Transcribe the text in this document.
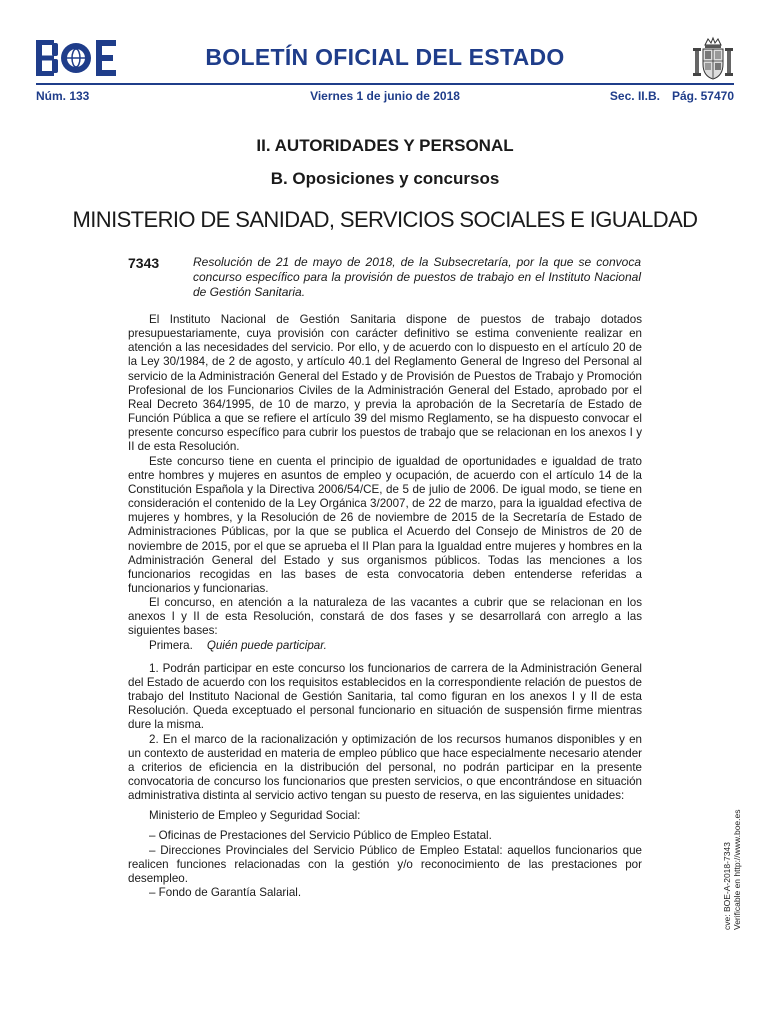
BOLETÍN OFICIAL DEL ESTADO
Núm. 133	Viernes 1 de junio de 2018	Sec. II.B. Pág. 57470
II. AUTORIDADES Y PERSONAL
B. Oposiciones y concursos
MINISTERIO DE SANIDAD, SERVICIOS SOCIALES E IGUALDAD
7343	Resolución de 21 de mayo de 2018, de la Subsecretaría, por la que se convoca concurso específico para la provisión de puestos de trabajo en el Instituto Nacional de Gestión Sanitaria.

El Instituto Nacional de Gestión Sanitaria dispone de puestos de trabajo dotados presupuestariamente, cuya provisión con carácter definitivo se estima conveniente realizar en atención a las necesidades del servicio. Por ello, y de acuerdo con lo dispuesto en el artículo 20 de la Ley 30/1984, de 2 de agosto, y artículo 40.1 del Reglamento General de Ingreso del Personal al servicio de la Administración General del Estado y de Provisión de Puestos de Trabajo y Promoción Profesional de los Funcionarios Civiles de la Administración General del Estado, aprobado por el Real Decreto 364/1995, de 10 de marzo, y previa la aprobación de la Secretaría de Estado de Función Pública a que se refiere el artículo 39 del mismo Reglamento, se ha dispuesto convocar el presente concurso específico para cubrir los puestos de trabajo que se relacionan en los anexos I y II de esta Resolución.

Este concurso tiene en cuenta el principio de igualdad de oportunidades e igualdad de trato entre hombres y mujeres en asuntos de empleo y ocupación, de acuerdo con el artículo 14 de la Constitución Española y la Directiva 2006/54/CE, de 5 de julio de 2006. De igual modo, se tiene en consideración el contenido de la Ley Orgánica 3/2007, de 22 de marzo, para la igualdad efectiva de mujeres y hombres, y la Resolución de 26 de noviembre de 2015 de la Secretaría de Estado de Administraciones Públicas, por la que se publica el Acuerdo del Consejo de Ministros de 20 de noviembre de 2015, por el que se aprueba el II Plan para la Igualdad entre mujeres y hombres en la Administración General del Estado y sus organismos públicos. Todas las menciones a los funcionarios recogidas en las bases de esta convocatoria deben entenderse referidas a funcionarios y funcionarias.

El concurso, en atención a la naturaleza de las vacantes a cubrir que se relacionan en los anexos I y II de esta Resolución, constará de dos fases y se desarrollará con arreglo a las siguientes bases:

Primera. Quién puede participar.

1. Podrán participar en este concurso los funcionarios de carrera de la Administración General del Estado de acuerdo con los requisitos establecidos en la correspondiente relación de puestos de trabajo del Instituto Nacional de Gestión Sanitaria, tal como figuran en los anexos I y II de esta Resolución. Queda exceptuado el personal funcionario en situación de suspensión firme mientras dure la misma.

2. En el marco de la racionalización y optimización de los recursos humanos disponibles y en un contexto de austeridad en materia de empleo público que hace especialmente necesario atender a criterios de eficiencia en la distribución del personal, no podrán participar en la presente convocatoria de concurso los funcionarios que presten servicios, o que encontrándose en situación administrativa distinta al servicio activo tengan su puesto de reserva, en las siguientes unidades:

Ministerio de Empleo y Seguridad Social:

– Oficinas de Prestaciones del Servicio Público de Empleo Estatal.

– Direcciones Provinciales del Servicio Público de Empleo Estatal: aquellos funcionarios que realicen funciones relacionadas con la gestión y/o reconocimiento de las prestaciones por desempleo.

– Fondo de Garantía Salarial.	cve: BOE-A-2018-7343 Verificable en http://www.boe.es
